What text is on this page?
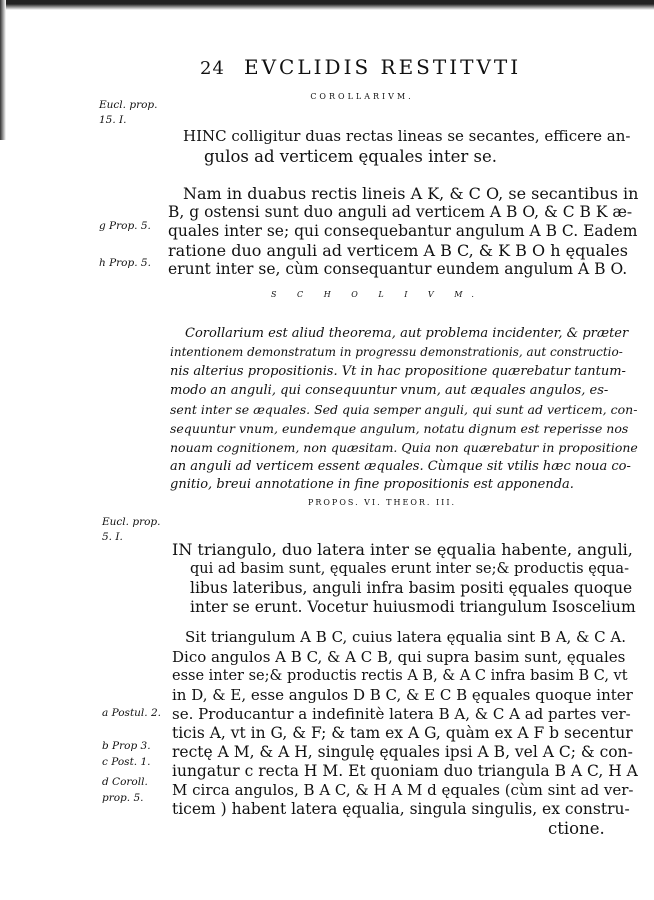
24 EVCLIDIS RESTITVTI
Eucl. prop.
15. I.
g Prop. 5.
h Prop. 5.
Eucl. prop.
5. I.
a Postul. 2.
b Prop 3.
c Post. 1.
d Coroll.
prop. 5.
COROLLARIVM.
HINC colligitur duas rectas lineas se secantes, efficere an-
gulos ad verticem ęquales inter se.
Nam in duabus rectis lineis A K, & C O, se secantibus in
B, g ostensi sunt duo anguli ad verticem A B O, & C B K æ-
quales inter se; qui consequebantur angulum A B C. Eadem
ratione duo anguli ad verticem A B C, & K B O h ęquales
erunt inter se, cùm consequantur eundem angulum A B O.
S C H O L I V M.
Corollarium est aliud theorema, aut problema incidenter, & præter
intentionem demonstratum in progressu demonstrationis, aut constructio-
nis alterius propositionis. Vt in hac propositione quærebatur tantum-
modo an anguli, qui consequuntur vnum, aut æquales angulos, es-
sent inter se æquales. Sed quia semper anguli, qui sunt ad verticem, con-
sequuntur vnum, eundemque angulum, notatu dignum est reperisse nos
nouam cognitionem, non quæsitam. Quia non quærebatur in propositione
an anguli ad verticem essent æquales. Cùmque sit vtilis hæc noua co-
gnitio, breui annotatione in fine propositionis est apponenda.
PROPOS. VI. THEOR. III.
IN triangulo, duo latera inter se ęqualia habente, anguli,
qui ad basim sunt, ęquales erunt inter se;& productis ęqua-
libus lateribus, anguli infra basim positi ęquales quoque
inter se erunt. Vocetur huiusmodi triangulum Isoscelium
Sit triangulum A B C, cuius latera ęqualia sint B A, & C A.
Dico angulos A B C, & A C B, qui supra basim sunt, ęquales
esse inter se;& productis rectis A B, & A C infra basim B C, vt
in D, & E, esse angulos D B C, & E C B ęquales quoque inter
se. Producantur a indefinitè latera B A, & C A ad partes ver-
ticis A, vt in G, & F; & tam ex A G, quàm ex A F b secentur
rectę A M, & A H, singulę ęquales ipsi A B, vel A C; & con-
iungatur c recta H M. Et quoniam duo triangula B A C, H A
M circa angulos, B A C, & H A M d ęquales (cùm sint ad ver-
ticem ) habent latera ęqualia, singula singulis, ex constru-
ctione.
